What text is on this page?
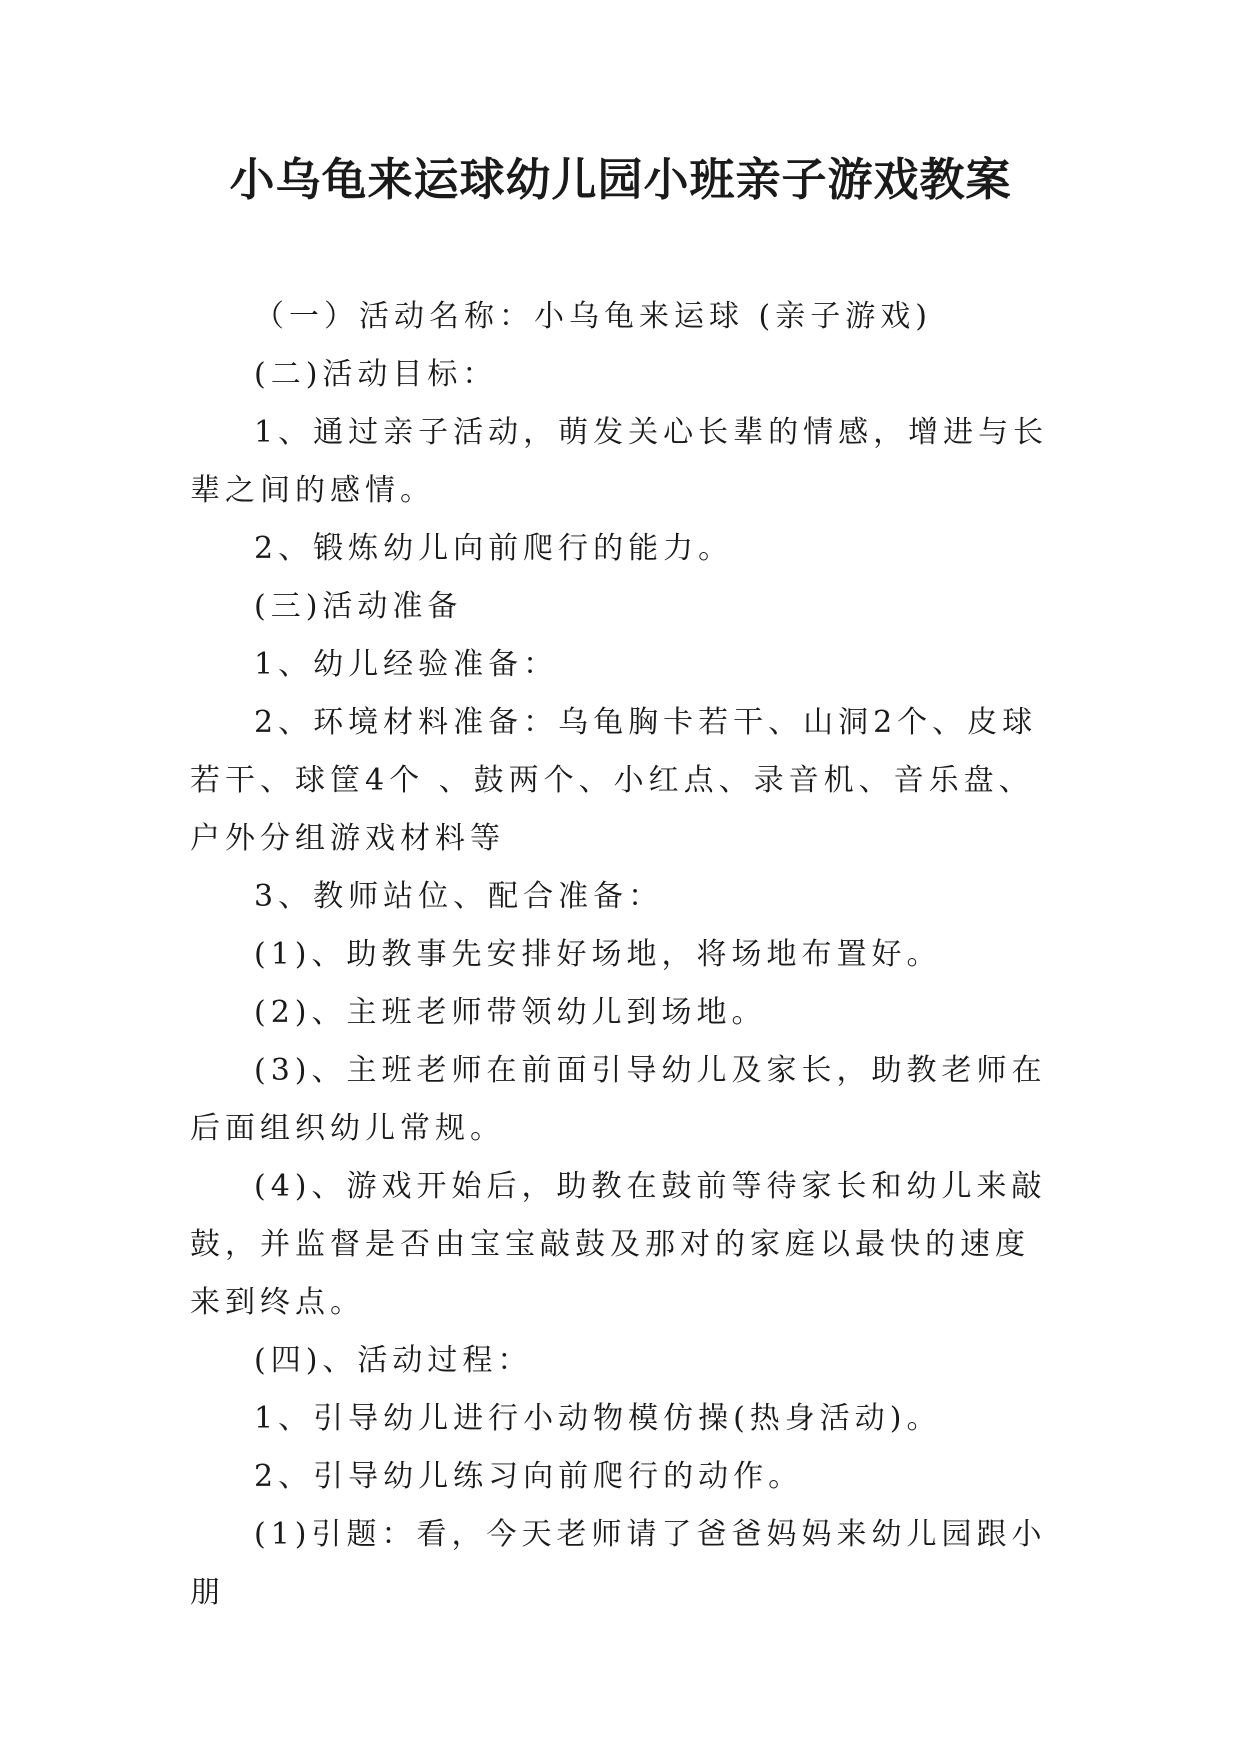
小乌龟来运球幼儿园小班亲子游戏教案

（一）活动名称：小乌龟来运球 (亲子游戏)

(二)活动目标：

1、通过亲子活动，萌发关心长辈的情感，增进与长辈之间的感情。

2、锻炼幼儿向前爬行的能力。

(三)活动准备

1、幼儿经验准备：

2、环境材料准备：乌龟胸卡若干、山洞2个、皮球若干、球筐4个 、鼓两个、小红点、录音机、音乐盘、户外分组游戏材料等

3、教师站位、配合准备：

(1)、助教事先安排好场地，将场地布置好。

(2)、主班老师带领幼儿到场地。

(3)、主班老师在前面引导幼儿及家长，助教老师在后面组织幼儿常规。

(4)、游戏开始后，助教在鼓前等待家长和幼儿来敲鼓，并监督是否由宝宝敲鼓及那对的家庭以最快的速度来到终点。

(四)、活动过程：

1、引导幼儿进行小动物模仿操(热身活动)。

2、引导幼儿练习向前爬行的动作。

(1)引题：看，今天老师请了爸爸妈妈来幼儿园跟小朋
